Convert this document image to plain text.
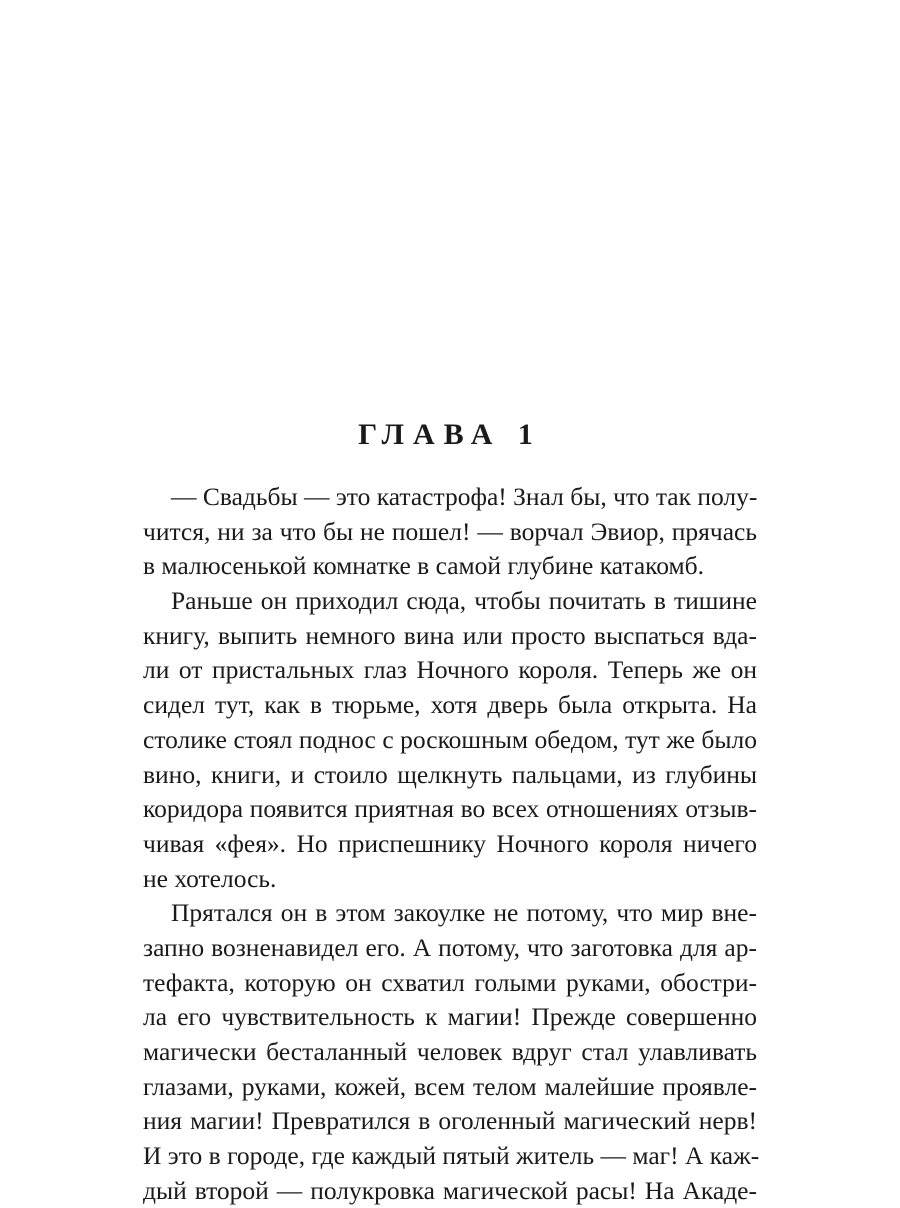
ГЛАВА 1
— Свадьбы — это катастрофа! Знал бы, что так полу-
чится, ни за что бы не пошел! — ворчал Эвиор, прячась
в малюсенькой комнатке в самой глубине катакомб.
Раньше он приходил сюда, чтобы почитать в тишине
книгу, выпить немного вина или просто выспаться вда-
ли от пристальных глаз Ночного короля. Теперь же он
сидел тут, как в тюрьме, хотя дверь была открыта. На
столике стоял поднос с роскошным обедом, тут же было
вино, книги, и стоило щелкнуть пальцами, из глубины
коридора появится приятная во всех отношениях отзыв-
чивая «фея». Но приспешнику Ночного короля ничего
не хотелось.
Прятался он в этом закоулке не потому, что мир вне-
запно возненавидел его. А потому, что заготовка для ар-
тефакта, которую он схватил голыми руками, обостри-
ла его чувствительность к магии! Прежде совершенно
магически бесталанный человек вдруг стал улавливать
глазами, руками, кожей, всем телом малейшие проявле-
ния магии! Превратился в оголенный магический нерв!
И это в городе, где каждый пятый житель — маг! А каж-
дый второй — полукровка магической расы! На Акаде-
